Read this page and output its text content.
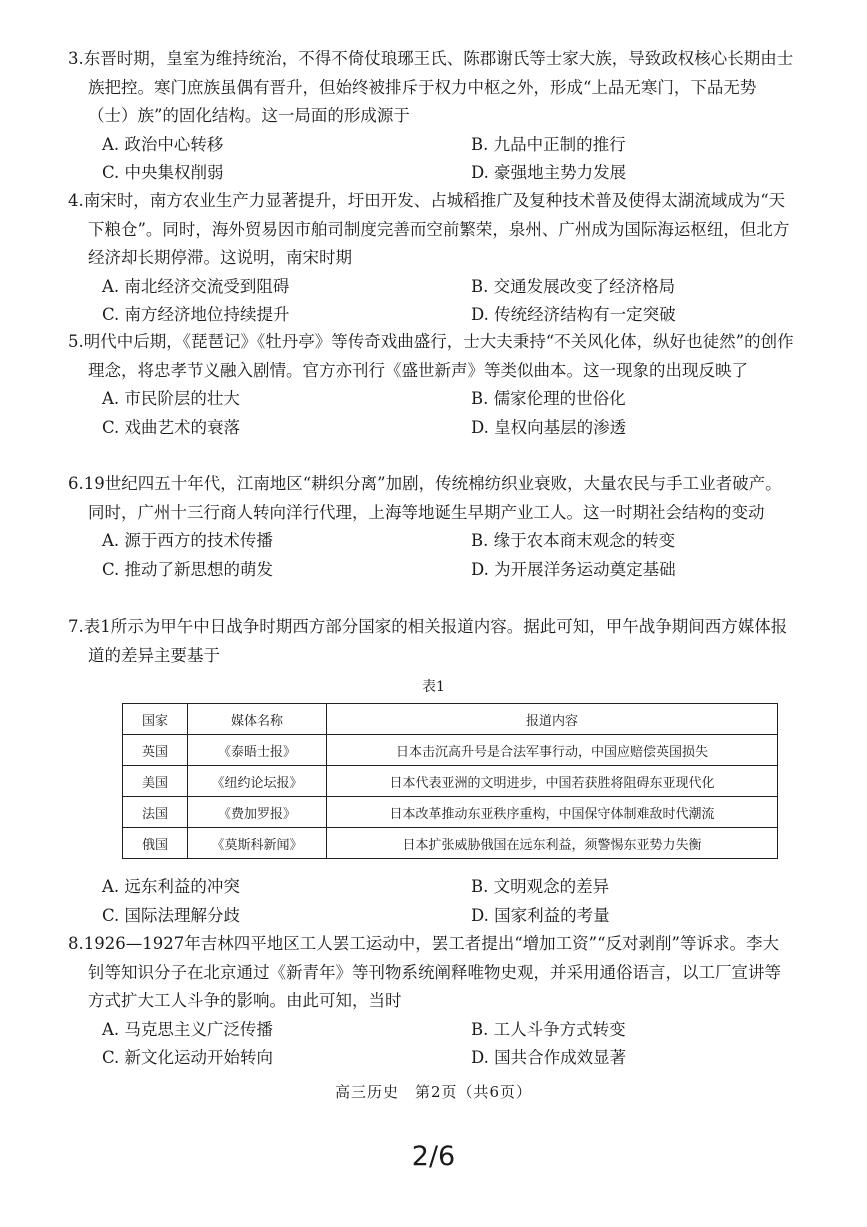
3.东晋时期，皇室为维持统治，不得不倚仗琅琊王氏、陈郡谢氏等士家大族，导致政权核心长期由士族把控。寒门庶族虽偶有晋升，但始终被排斥于权力中枢之外，形成“上品无寒门，下品无势（士）族”的固化结构。这一局面的形成源于
A. 政治中心转移	B. 九品中正制的推行
C. 中央集权削弱	D. 豪强地主势力发展
4.南宋时，南方农业生产力显著提升，圩田开发、占城稻推广及复种技术普及使得太湖流域成为“天下粮仓”。同时，海外贸易因市舶司制度完善而空前繁荣，泉州、广州成为国际海运枢纽，但北方经济却长期停滞。这说明，南宋时期
A. 南北经济交流受到阻碍	B. 交通发展改变了经济格局
C. 南方经济地位持续提升	D. 传统经济结构有一定突破
5.明代中后期，《琵琶记》《牡丹亭》等传奇戏曲盛行，士大夫秉持“不关风化体，纵好也徒然”的创作理念，将忠孝节义融入剧情。官方亦刊行《盛世新声》等类似曲本。这一现象的出现反映了
A. 市民阶层的壮大	B. 儒家伦理的世俗化
C. 戏曲艺术的衰落	D. 皇权向基层的渗透
6.19世纪四五十年代，江南地区“耕织分离”加剧，传统棉纺织业衰败，大量农民与手工业者破产。同时，广州十三行商人转向洋行代理，上海等地诞生早期产业工人。这一时期社会结构的变动
A. 源于西方的技术传播	B. 缘于农本商末观念的转变
C. 推动了新思想的萌发	D. 为开展洋务运动奠定基础
7.表1所示为甲午中日战争时期西方部分国家的相关报道内容。据此可知，甲午战争期间西方媒体报道的差异主要基于
表1
国家	媒体名称	报道内容
英国	《泰晤士报》	日本击沉高升号是合法军事行动，中国应赔偿英国损失
美国	《纽约论坛报》	日本代表亚洲的文明进步，中国若获胜将阻碍东亚现代化
法国	《费加罗报》	日本改革推动东亚秩序重构，中国保守体制难敌时代潮流
俄国	《莫斯科新闻》	日本扩张威胁俄国在远东利益，须警惕东亚势力失衡
A. 远东利益的冲突	B. 文明观念的差异
C. 国际法理解分歧	D. 国家利益的考量
8.1926—1927年吉林四平地区工人罢工运动中，罢工者提出“增加工资”“反对剥削”等诉求。李大钊等知识分子在北京通过《新青年》等刊物系统阐释唯物史观，并采用通俗语言，以工厂宣讲等方式扩大工人斗争的影响。由此可知，当时
A. 马克思主义广泛传播	B. 工人斗争方式转变
C. 新文化运动开始转向	D. 国共合作成效显著
高三历史　第2页（共6页）
2/6
